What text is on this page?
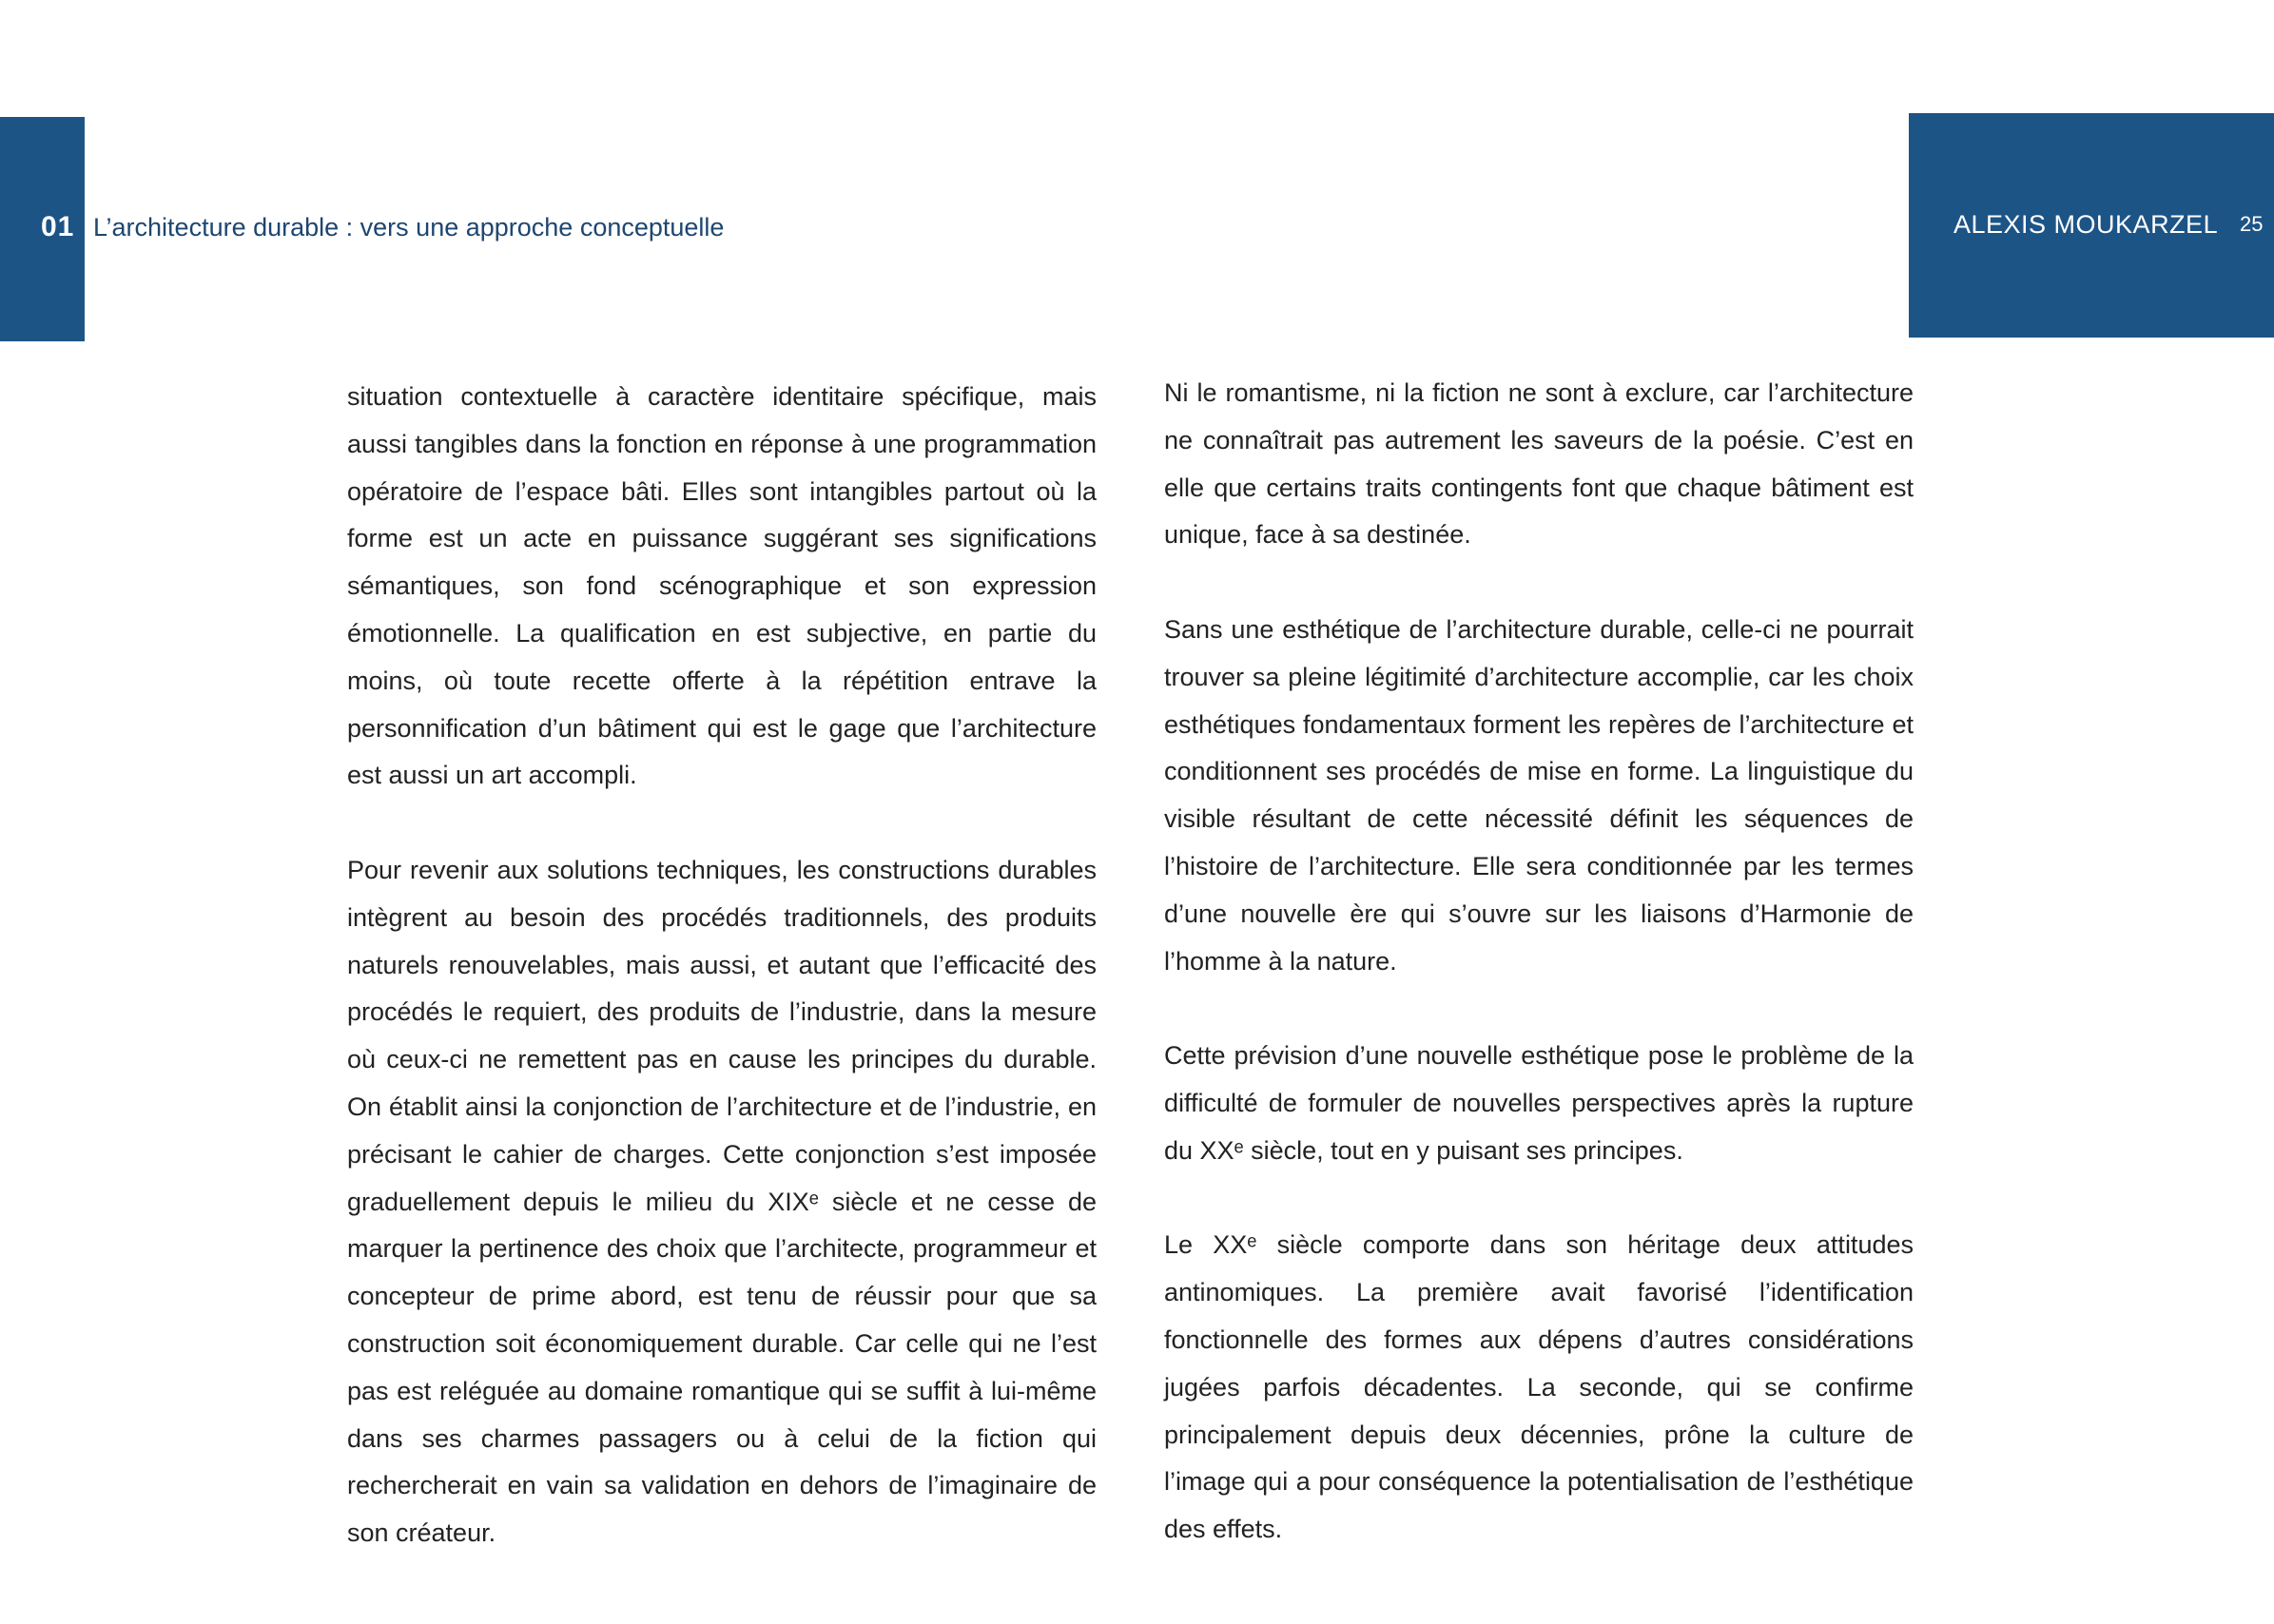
01 L’architecture durable : vers une approche conceptuelle	ALEXIS MOUKARZEL 25

situation contextuelle à caractère identitaire spécifique, mais aussi tangibles dans la fonction en réponse à une programmation opératoire de l’espace bâti. Elles sont intangibles partout où la forme est un acte en puissance suggérant ses significations sémantiques, son fond scénographique et son expression émotionnelle. La qualification en est subjective, en partie du moins, où toute recette offerte à la répétition entrave la personnification d’un bâtiment qui est le gage que l’architecture est aussi un art accompli.

Pour revenir aux solutions techniques, les constructions durables intègrent au besoin des procédés traditionnels, des produits naturels renouvelables, mais aussi, et autant que l’efficacité des procédés le requiert, des produits de l’industrie, dans la mesure où ceux-ci ne remettent pas en cause les principes du durable. On établit ainsi la conjonction de l’architecture et de l’industrie, en précisant le cahier de charges. Cette conjonction s’est imposée graduellement depuis le milieu du XIXᵉ siècle et ne cesse de marquer la pertinence des choix que l’architecte, programmeur et concepteur de prime abord, est tenu de réussir pour que sa construction soit économiquement durable. Car celle qui ne l’est pas est reléguée au domaine romantique qui se suffit à lui-même dans ses charmes passagers ou à celui de la fiction qui rechercherait en vain sa validation en dehors de l’imaginaire de son créateur.

Ni le romantisme, ni la fiction ne sont à exclure, car l’architecture ne connaîtrait pas autrement les saveurs de la poésie. C’est en elle que certains traits contingents font que chaque bâtiment est unique, face à sa destinée.

Sans une esthétique de l’architecture durable, celle-ci ne pourrait trouver sa pleine légitimité d’architecture accomplie, car les choix esthétiques fondamentaux forment les repères de l’architecture et conditionnent ses procédés de mise en forme. La linguistique du visible résultant de cette nécessité définit les séquences de l’histoire de l’architecture. Elle sera conditionnée par les termes d’une nouvelle ère qui s’ouvre sur les liaisons d’Harmonie de l’homme à la nature.

Cette prévision d’une nouvelle esthétique pose le problème de la difficulté de formuler de nouvelles perspectives après la rupture du XXᵉ siècle, tout en y puisant ses principes.

Le XXᵉ siècle comporte dans son héritage deux attitudes antinomiques. La première avait favorisé l’identification fonctionnelle des formes aux dépens d’autres considérations jugées parfois décadentes. La seconde, qui se confirme principalement depuis deux décennies, prône la culture de l’image qui a pour conséquence la potentialisation de l’esthétique des effets.
